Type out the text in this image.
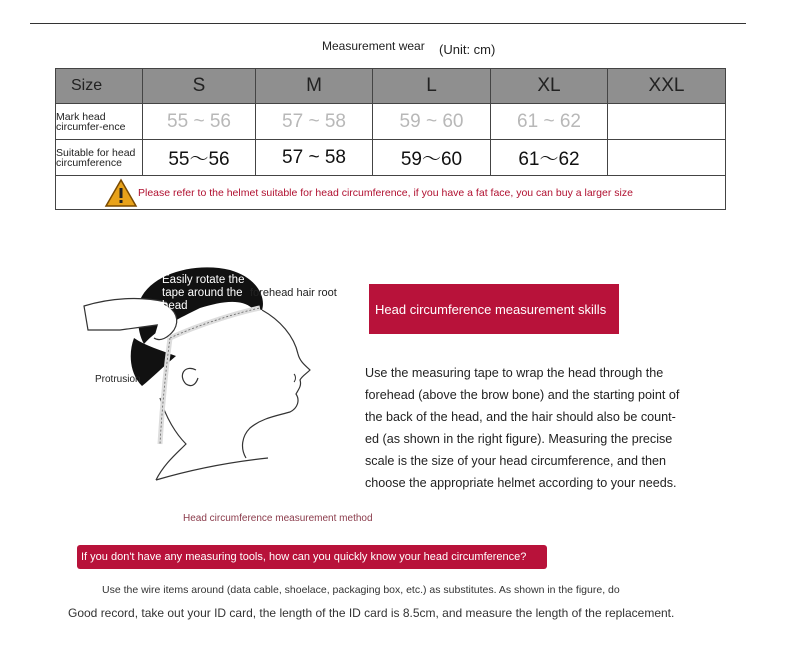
Measurement wear (Unit: cm)
Size	S	M	L	XL	XXL
Mark head circumfer-ence	55 ~ 56	57 ~ 58	59 ~ 60	61 ~ 62	
Suitable for head circumference	55～56	57 ~ 58	59～60	61～62	

Please refer to the helmet suitable for head circumference, if you have a fat face, you can buy a larger size					
Easily rotate the tape around the head
forehead hair root
Protrusion
Head circumference measurement method
Head circumference measurement skills

Use the measuring tape to wrap the head through the

forehead (above the brow bone) and the starting point of

the back of the head, and the hair should also be count-

ed (as shown in the right figure). Measuring the precise

scale is the size of your head circumference, and then

choose the appropriate helmet according to your needs.

If you don't have any measuring tools, how can you quickly know your head circumference?
Use the wire items around (data cable, shoelace, packaging box, etc.) as substitutes. As shown in the figure, do
Good record, take out your ID card, the length of the ID card is 8.5cm, and measure the length of the replacement.
